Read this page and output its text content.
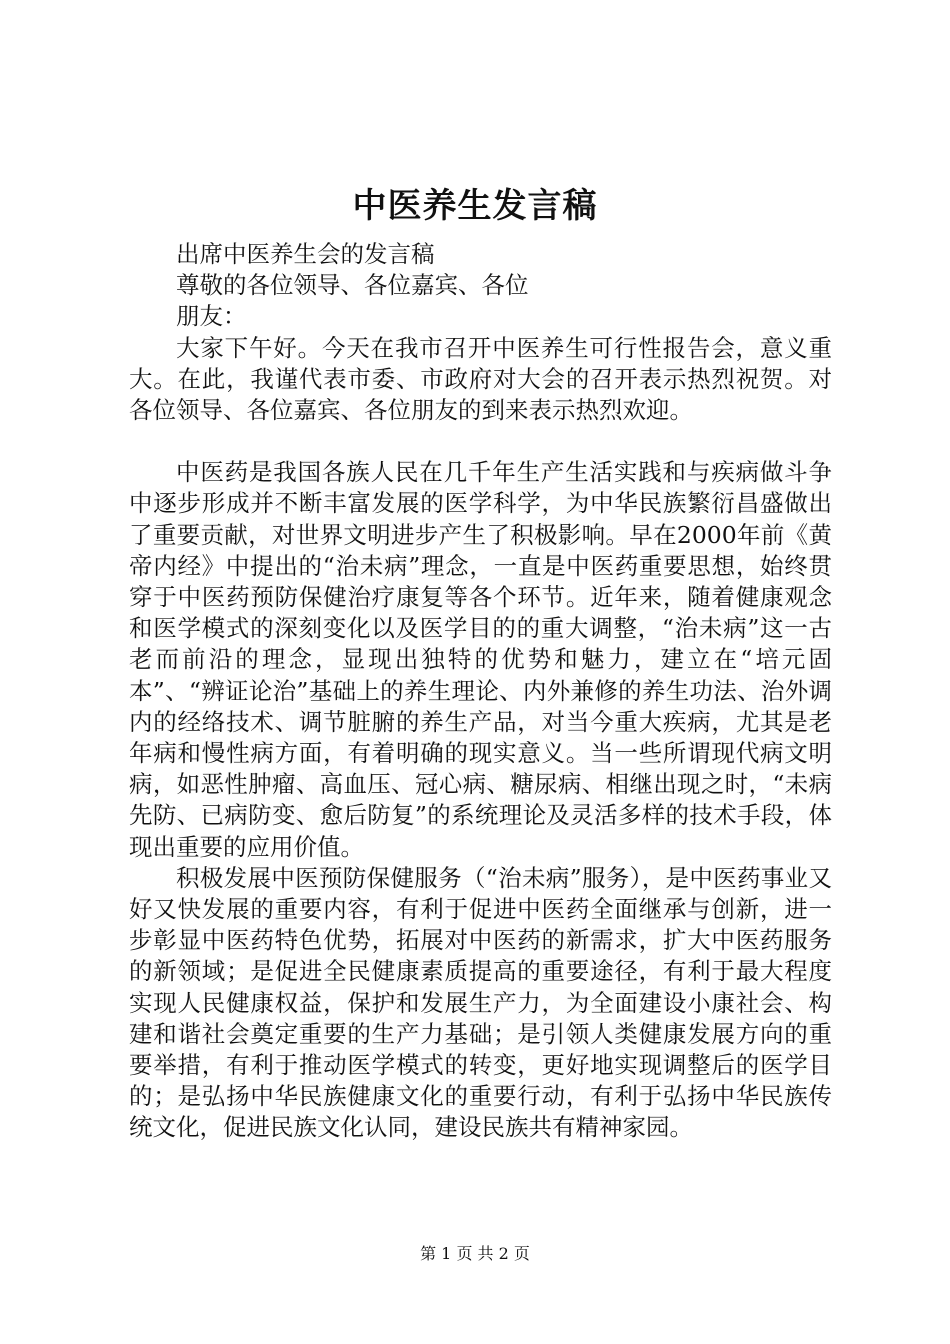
中医养生发言稿

出席中医养生会的发言稿

尊敬的各位领导、各位嘉宾、各位

朋友：

大家下午好。今天在我市召开中医养生可行性报告会，意义重大。在此，我谨代表市委、市政府对大会的召开表示热烈祝贺。对各位领导、各位嘉宾、各位朋友的到来表示热烈欢迎。

中医药是我国各族人民在几千年生产生活实践和与疾病做斗争中逐步形成并不断丰富发展的医学科学，为中华民族繁衍昌盛做出了重要贡献，对世界文明进步产生了积极影响。早在2000年前《黄帝内经》中提出的“治未病”理念，一直是中医药重要思想，始终贯穿于中医药预防保健治疗康复等各个环节。近年来，随着健康观念和医学模式的深刻变化以及医学目的的重大调整，“治未病”这一古老而前沿的理念，显现出独特的优势和魅力，建立在“培元固本”、“辨证论治”基础上的养生理论、内外兼修的养生功法、治外调内的经络技术、调节脏腑的养生产品，对当今重大疾病，尤其是老年病和慢性病方面，有着明确的现实意义。当一些所谓现代病文明病，如恶性肿瘤、高血压、冠心病、糖尿病、相继出现之时，“未病先防、已病防变、愈后防复”的系统理论及灵活多样的技术手段，体现出重要的应用价值。

积极发展中医预防保健服务（“治未病”服务），是中医药事业又好又快发展的重要内容，有利于促进中医药全面继承与创新，进一步彰显中医药特色优势，拓展对中医药的新需求，扩大中医药服务的新领域；是促进全民健康素质提高的重要途径，有利于最大程度实现人民健康权益，保护和发展生产力，为全面建设小康社会、构建和谐社会奠定重要的生产力基础；是引领人类健康发展方向的重要举措，有利于推动医学模式的转变，更好地实现调整后的医学目的；是弘扬中华民族健康文化的重要行动，有利于弘扬中华民族传统文化，促进民族文化认同，建设民族共有精神家园。

第 1 页 共 2 页
